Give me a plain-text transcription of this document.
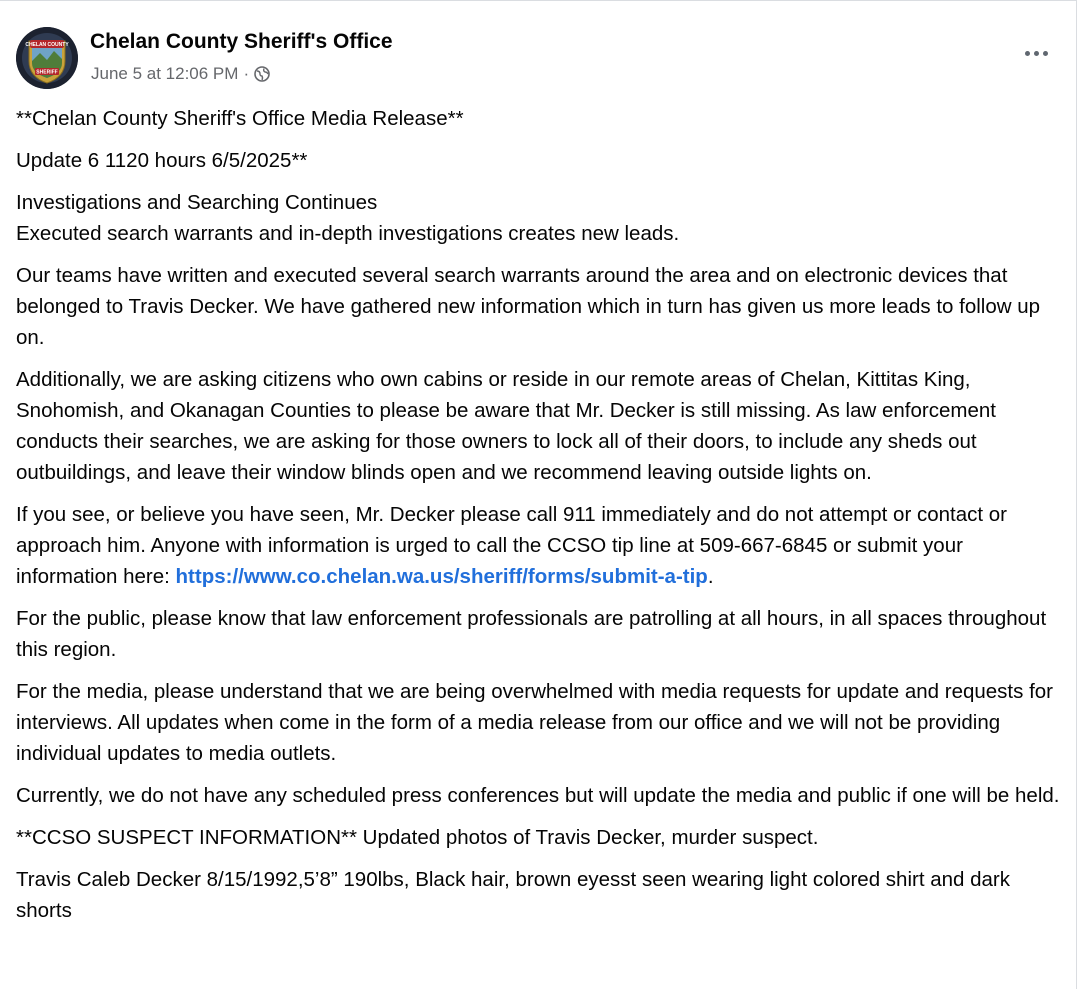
CHELAN COUNTY
SHERIFF
Chelan County Sheriff's Office
June 5 at 12:06 PM ·

**Chelan County Sheriff's Office Media Release**

Update 6 1120 hours 6/5/2025**

Investigations and Searching Continues
Executed search warrants and in-depth investigations creates new leads.

Our teams have written and executed several search warrants around the area and on electronic devices that belonged to Travis Decker. We have gathered new information which in turn has given us more leads to follow up on.

Additionally, we are asking citizens who own cabins or reside in our remote areas of Chelan, Kittitas King, Snohomish, and Okanagan Counties to please be aware that Mr. Decker is still missing. As law enforcement conducts their searches, we are asking for those owners to lock all of their doors, to include any sheds out outbuildings, and leave their window blinds open and we recommend leaving outside lights on.

If you see, or believe you have seen, Mr. Decker please call 911 immediately and do not attempt or contact or approach him. Anyone with information is urged to call the CCSO tip line at 509-667-6845 or submit your information here: https://www.co.chelan.wa.us/sheriff/forms/submit-a-tip.

For the public, please know that law enforcement professionals are patrolling at all hours, in all spaces throughout this region.

For the media, please understand that we are being overwhelmed with media requests for update and requests for interviews. All updates when come in the form of a media release from our office and we will not be providing individual updates to media outlets.

Currently, we do not have any scheduled press conferences but will update the media and public if one will be held.

**CCSO SUSPECT INFORMATION** Updated photos of Travis Decker, murder suspect.

Travis Caleb Decker 8/15/1992,5’8” 190lbs, Black hair, brown eyesst seen wearing light colored shirt and dark shorts
